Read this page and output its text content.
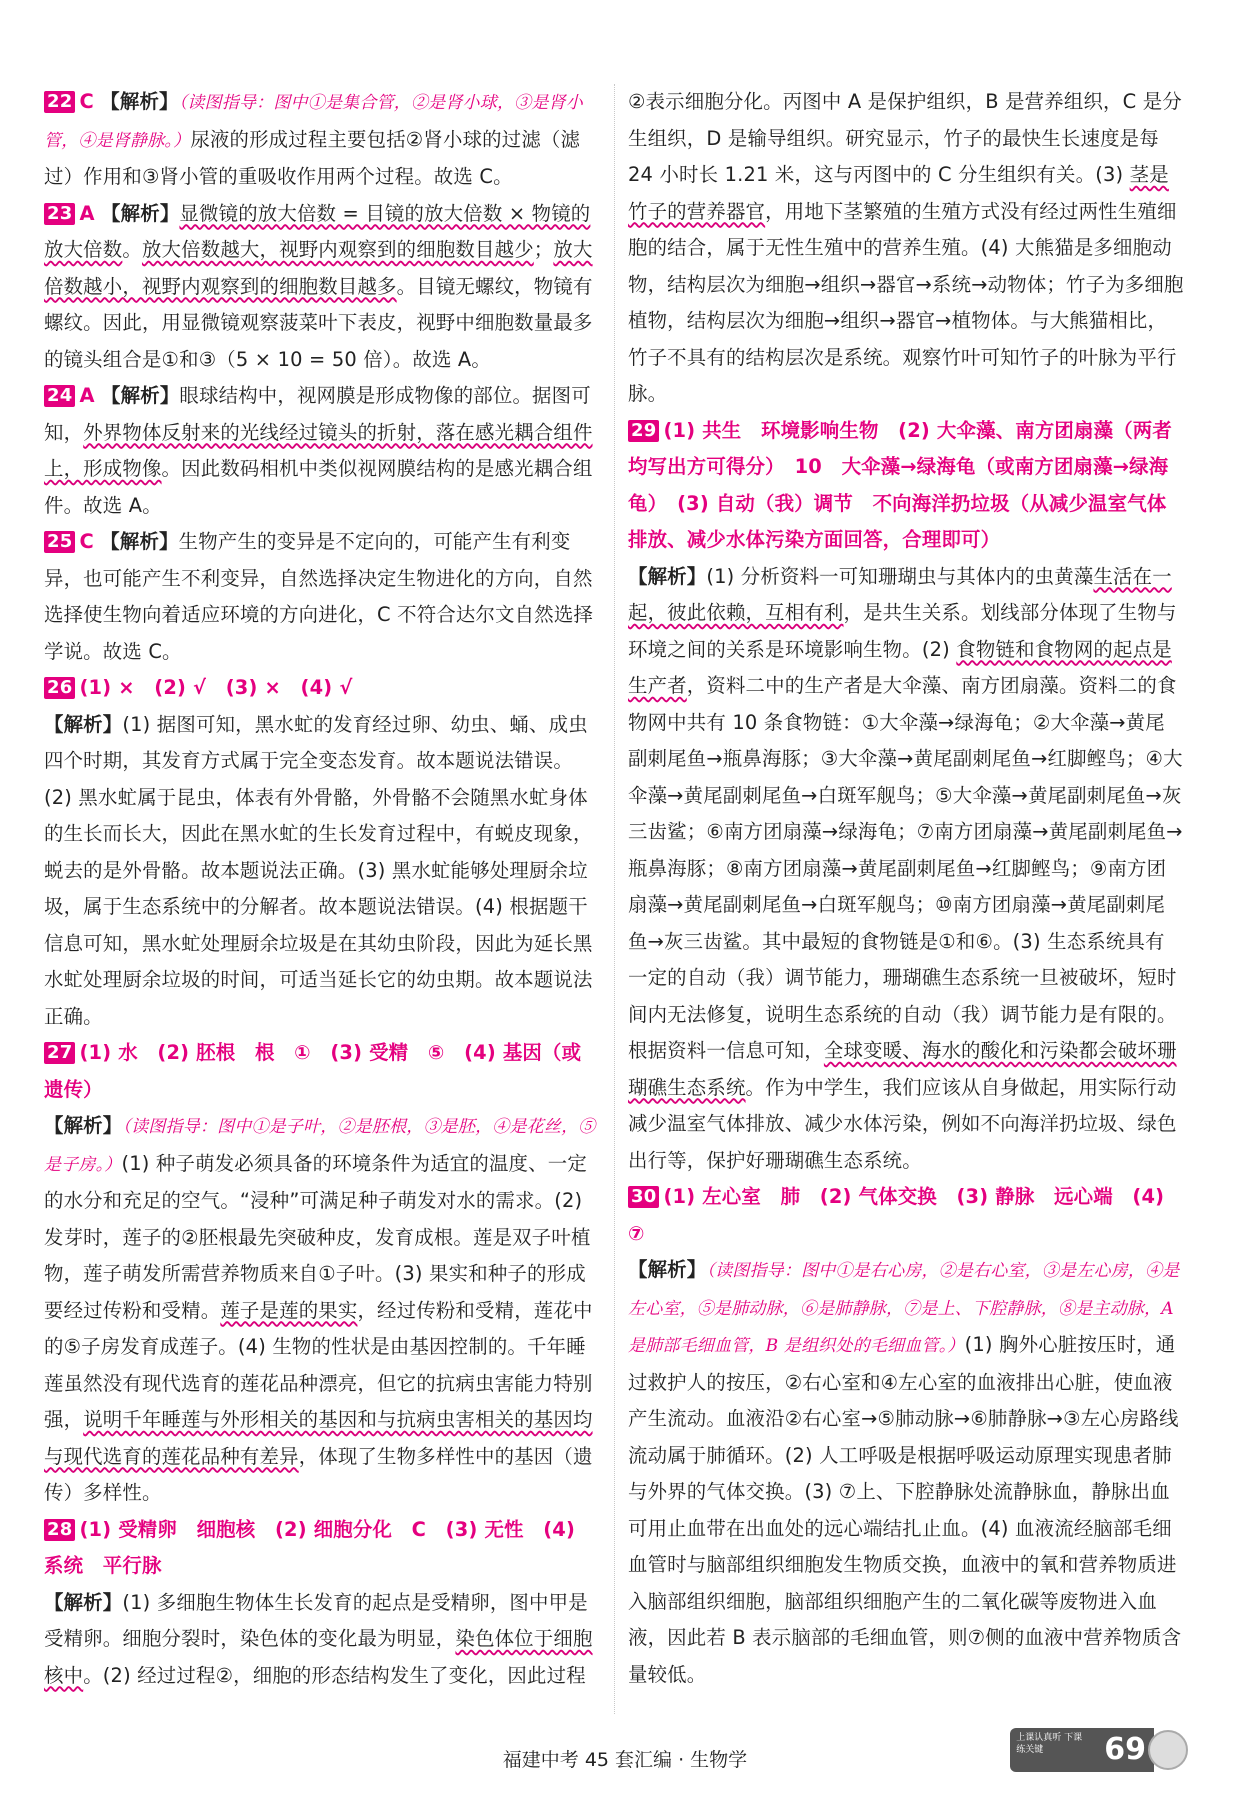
22 C 【解析】（读图指导：图中①是集合管，②是肾小球，③是肾小管，④是肾静脉。）尿液的形成过程主要包括②肾小球的过滤（滤过）作用和③肾小管的重吸收作用两个过程。故选 C。

23 A 【解析】显微镜的放大倍数 = 目镜的放大倍数 × 物镜的放大倍数。放大倍数越大，视野内观察到的细胞数目越少；放大倍数越小，视野内观察到的细胞数目越多。目镜无螺纹，物镜有螺纹。因此，用显微镜观察菠菜叶下表皮，视野中细胞数量最多的镜头组合是①和③（5 × 10 = 50 倍）。故选 A。

24 A 【解析】眼球结构中，视网膜是形成物像的部位。据图可知，外界物体反射来的光线经过镜头的折射，落在感光耦合组件上，形成物像。因此数码相机中类似视网膜结构的是感光耦合组件。故选 A。

25 C 【解析】生物产生的变异是不定向的，可能产生有利变异，也可能产生不利变异，自然选择决定生物进化的方向，自然选择使生物向着适应环境的方向进化，C 不符合达尔文自然选择学说。故选 C。

26 (1) ×　(2) √　(3) ×　(4) √
【解析】(1) 据图可知，黑水虻的发育经过卵、幼虫、蛹、成虫四个时期，其发育方式属于完全变态发育。故本题说法错误。(2) 黑水虻属于昆虫，体表有外骨骼，外骨骼不会随黑水虻身体的生长而长大，因此在黑水虻的生长发育过程中，有蜕皮现象，蜕去的是外骨骼。故本题说法正确。(3) 黑水虻能够处理厨余垃圾，属于生态系统中的分解者。故本题说法错误。(4) 根据题干信息可知，黑水虻处理厨余垃圾是在其幼虫阶段，因此为延长黑水虻处理厨余垃圾的时间，可适当延长它的幼虫期。故本题说法正确。

27 (1) 水　(2) 胚根　根　①　(3) 受精　⑤　(4) 基因（或遗传）
【解析】（读图指导：图中①是子叶，②是胚根，③是胚，④是花丝，⑤是子房。）(1) 种子萌发必须具备的环境条件为适宜的温度、一定的水分和充足的空气。“浸种”可满足种子萌发对水的需求。(2) 发芽时，莲子的②胚根最先突破种皮，发育成根。莲是双子叶植物，莲子萌发所需营养物质来自①子叶。(3) 果实和种子的形成要经过传粉和受精。莲子是莲的果实，经过传粉和受精，莲花中的⑤子房发育成莲子。(4) 生物的性状是由基因控制的。千年睡莲虽然没有现代选育的莲花品种漂亮，但它的抗病虫害能力特别强，说明千年睡莲与外形相关的基因和与抗病虫害相关的基因均与现代选育的莲花品种有差异，体现了生物多样性中的基因（遗传）多样性。

28 (1) 受精卵　细胞核　(2) 细胞分化　C　(3) 无性　(4) 系统　平行脉
【解析】(1) 多细胞生物体生长发育的起点是受精卵，图中甲是受精卵。细胞分裂时，染色体的变化最为明显，染色体位于细胞核中。(2) 经过过程②，细胞的形态结构发生了变化，因此过程

②表示细胞分化。丙图中 A 是保护组织，B 是营养组织，C 是分生组织，D 是输导组织。研究显示，竹子的最快生长速度是每 24 小时长 1.21 米，这与丙图中的 C 分生组织有关。(3) 茎是竹子的营养器官，用地下茎繁殖的生殖方式没有经过两性生殖细胞的结合，属于无性生殖中的营养生殖。(4) 大熊猫是多细胞动物，结构层次为细胞→组织→器官→系统→动物体；竹子为多细胞植物，结构层次为细胞→组织→器官→植物体。与大熊猫相比，竹子不具有的结构层次是系统。观察竹叶可知竹子的叶脉为平行脉。

29 (1) 共生　环境影响生物　(2) 大伞藻、南方团扇藻（两者均写出方可得分）　10　大伞藻→绿海龟（或南方团扇藻→绿海龟）　(3) 自动（我）调节　不向海洋扔垃圾（从减少温室气体排放、减少水体污染方面回答，合理即可）
【解析】(1) 分析资料一可知珊瑚虫与其体内的虫黄藻生活在一起，彼此依赖，互相有利，是共生关系。划线部分体现了生物与环境之间的关系是环境影响生物。(2) 食物链和食物网的起点是生产者，资料二中的生产者是大伞藻、南方团扇藻。资料二的食物网中共有 10 条食物链：①大伞藻→绿海龟；②大伞藻→黄尾副刺尾鱼→瓶鼻海豚；③大伞藻→黄尾副刺尾鱼→红脚鲣鸟；④大伞藻→黄尾副刺尾鱼→白斑军舰鸟；⑤大伞藻→黄尾副刺尾鱼→灰三齿鲨；⑥南方团扇藻→绿海龟；⑦南方团扇藻→黄尾副刺尾鱼→瓶鼻海豚；⑧南方团扇藻→黄尾副刺尾鱼→红脚鲣鸟；⑨南方团扇藻→黄尾副刺尾鱼→白斑军舰鸟；⑩南方团扇藻→黄尾副刺尾鱼→灰三齿鲨。其中最短的食物链是①和⑥。(3) 生态系统具有一定的自动（我）调节能力，珊瑚礁生态系统一旦被破坏，短时间内无法修复，说明生态系统的自动（我）调节能力是有限的。根据资料一信息可知，全球变暖、海水的酸化和污染都会破坏珊瑚礁生态系统。作为中学生，我们应该从自身做起，用实际行动减少温室气体排放、减少水体污染，例如不向海洋扔垃圾、绿色出行等，保护好珊瑚礁生态系统。

30 (1) 左心室　肺　(2) 气体交换　(3) 静脉　远心端　(4) ⑦
【解析】（读图指导：图中①是右心房，②是右心室，③是左心房，④是左心室，⑤是肺动脉，⑥是肺静脉，⑦是上、下腔静脉，⑧是主动脉，A 是肺部毛细血管，B 是组织处的毛细血管。）(1) 胸外心脏按压时，通过救护人的按压，②右心室和④左心室的血液排出心脏，使血液产生流动。血液沿②右心室→⑤肺动脉→⑥肺静脉→③左心房路线流动属于肺循环。(2) 人工呼吸是根据呼吸运动原理实现患者肺与外界的气体交换。(3) ⑦上、下腔静脉处流静脉血，静脉出血可用止血带在出血处的远心端结扎止血。(4) 血液流经脑部毛细血管时与脑部组织细胞发生物质交换，血液中的氧和营养物质进入脑部组织细胞，脑部组织细胞产生的二氧化碳等废物进入血液，因此若 B 表示脑部的毛细血管，则⑦侧的血液中营养物质含量较低。

福建中考 45 套汇编 · 生物学
上课认真听 下课练关键	69
